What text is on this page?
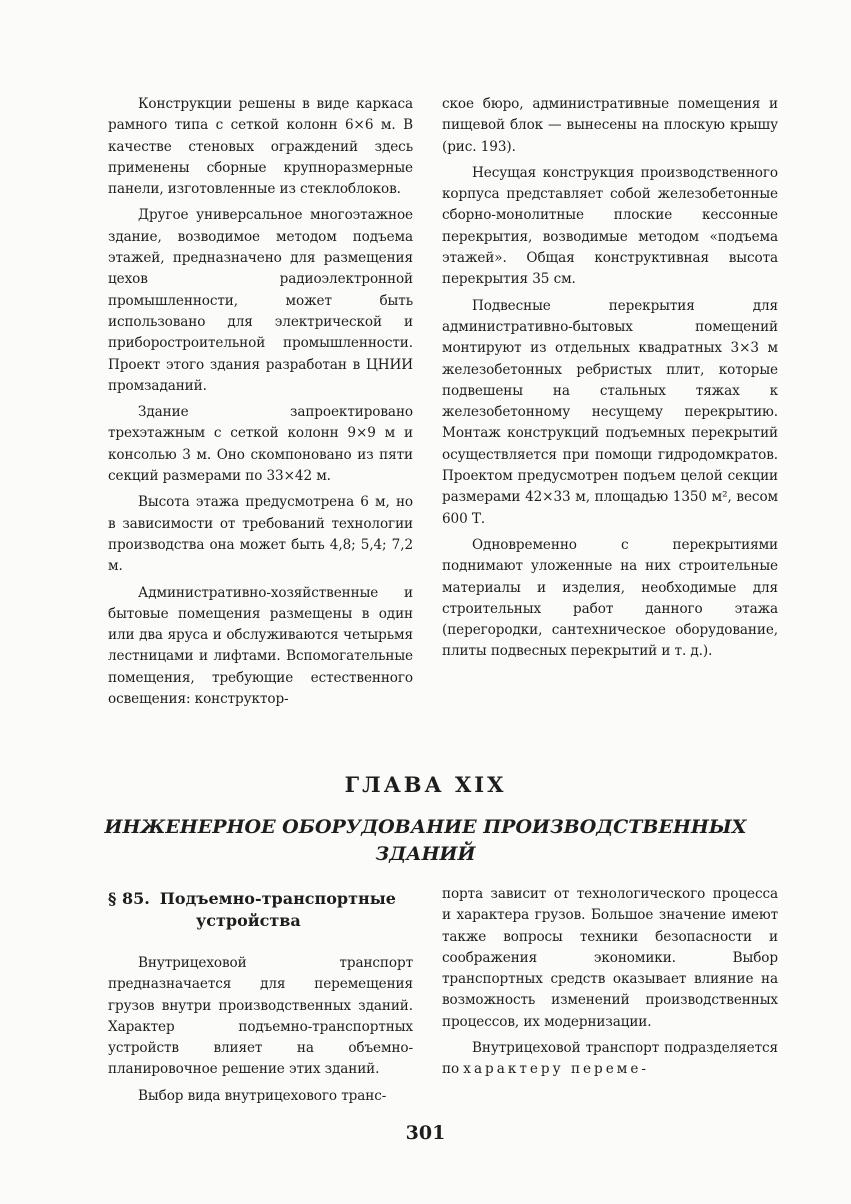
Конструкции решены в виде каркаса рамного типа с сеткой колонн 6×6 м. В качестве стеновых ограждений здесь применены сборные крупноразмерные панели, изготовленные из стеклоблоков.

Другое универсальное многоэтажное здание, возводимое методом подъема этажей, предназначено для размещения цехов радиоэлектронной промышленности, может быть использовано для электрической и приборостроительной промышленности. Проект этого здания разработан в ЦНИИ промзаданий.

Здание запроектировано трехэтажным с сеткой колонн 9×9 м и консолью 3 м. Оно скомпоновано из пяти секций размерами по 33×42 м.

Высота этажа предусмотрена 6 м, но в зависимости от требований технологии производства она может быть 4,8; 5,4; 7,2 м.

Административно-хозяйственные и бытовые помещения размещены в один или два яруса и обслуживаются четырьмя лестницами и лифтами. Вспомогательные помещения, требующие естественного освещения: конструктор-

ское бюро, административные помещения и пищевой блок — вынесены на плоскую крышу (рис. 193).

Несущая конструкция производственного корпуса представляет собой железобетонные сборно-монолитные плоские кессонные перекрытия, возводимые методом «подъема этажей». Общая конструктивная высота перекрытия 35 см.

Подвесные перекрытия для административно-бытовых помещений монтируют из отдельных квадратных 3×3 м железобетонных ребристых плит, которые подвешены на стальных тяжах к железобетонному несущему перекрытию. Монтаж конструкций подъемных перекрытий осуществляется при помощи гидродомкратов. Проектом предусмотрен подъем целой секции размерами 42×33 м, площадью 1350 м², весом 600 Т.

Одновременно с перекрытиями поднимают уложенные на них строительные материалы и изделия, необходимые для строительных работ данного этажа (перегородки, сантехническое оборудование, плиты подвесных перекрытий и т. д.).

ГЛАВА XIX
ИНЖЕНЕРНОЕ ОБОРУДОВАНИЕ ПРОИЗВОДСТВЕННЫХ ЗДАНИЙ
§ 85. Подъемно-транспортные
устройства

Внутрицеховой транспорт предназначается для перемещения грузов внутри производственных зданий. Характер подъемно-транспортных устройств влияет на объемно-планировочное решение этих зданий.

Выбор вида внутрицехового транс-

порта зависит от технологического процесса и характера грузов. Большое значение имеют также вопросы техники безопасности и соображения экономики. Выбор транспортных средств оказывает влияние на возможность изменений производственных процессов, их модернизации.

Внутрицеховой транспорт подразделяется по характеру переме-

301
